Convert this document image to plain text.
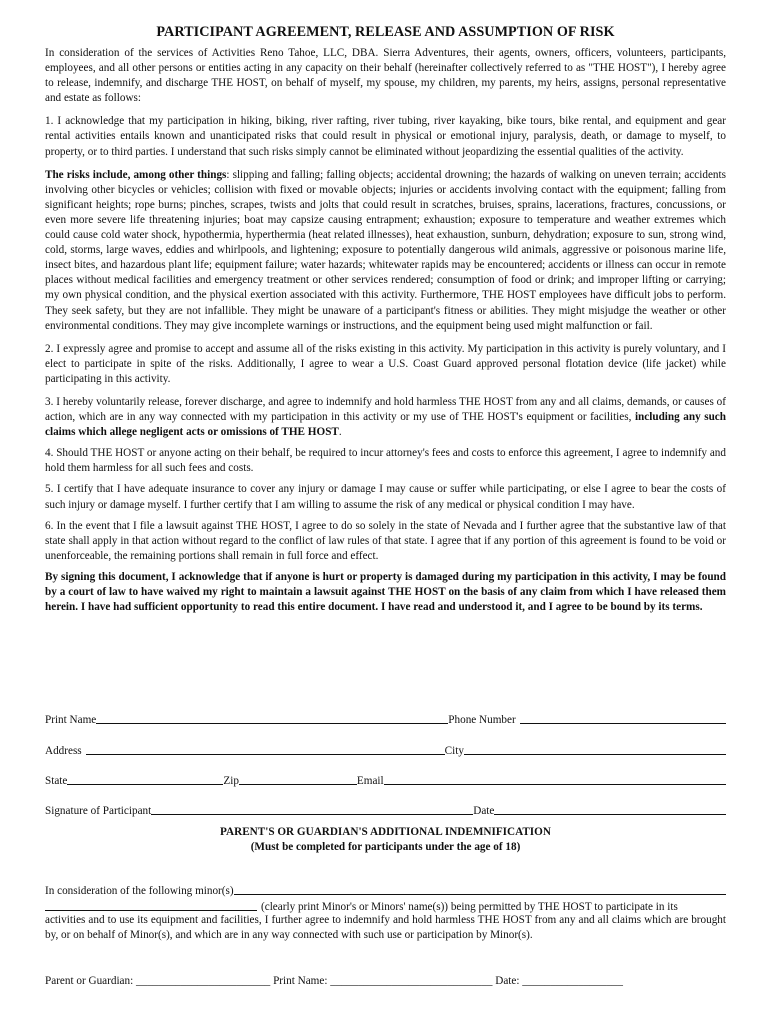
PARTICIPANT AGREEMENT, RELEASE AND ASSUMPTION OF RISK

In consideration of the services of Activities Reno Tahoe, LLC, DBA. Sierra Adventures, their agents, owners, officers, volunteers, participants, employees, and all other persons or entities acting in any capacity on their behalf (hereinafter collectively referred to as "THE HOST"), I hereby agree to release, indemnify, and discharge THE HOST, on behalf of myself, my spouse, my children, my parents, my heirs, assigns, personal representative and estate as follows:

1. I acknowledge that my participation in hiking, biking, river rafting, river tubing, river kayaking, bike tours, bike rental, and equipment and gear rental activities entails known and unanticipated risks that could result in physical or emotional injury, paralysis, death, or damage to myself, to property, or to third parties. I understand that such risks simply cannot be eliminated without jeopardizing the essential qualities of the activity.

The risks include, among other things: slipping and falling; falling objects; accidental drowning; the hazards of walking on uneven terrain; accidents involving other bicycles or vehicles; collision with fixed or movable objects; injuries or accidents involving contact with the equipment; falling from significant heights; rope burns; pinches, scrapes, twists and jolts that could result in scratches, bruises, sprains, lacerations, fractures, concussions, or even more severe life threatening injuries; boat may capsize causing entrapment; exhaustion; exposure to temperature and weather extremes which could cause cold water shock, hypothermia, hyperthermia (heat related illnesses), heat exhaustion, sunburn, dehydration; exposure to sun, strong wind, cold, storms, large waves, eddies and whirlpools, and lightening; exposure to potentially dangerous wild animals, aggressive or poisonous marine life, insect bites, and hazardous plant life; equipment failure; water hazards; whitewater rapids may be encountered; accidents or illness can occur in remote places without medical facilities and emergency treatment or other services rendered; consumption of food or drink; and improper lifting or carrying; my own physical condition, and the physical exertion associated with this activity. Furthermore, THE HOST employees have difficult jobs to perform. They seek safety, but they are not infallible. They might be unaware of a participant's fitness or abilities. They might misjudge the weather or other environmental conditions. They may give incomplete warnings or instructions, and the equipment being used might malfunction or fail.

2. I expressly agree and promise to accept and assume all of the risks existing in this activity. My participation in this activity is purely voluntary, and I elect to participate in spite of the risks. Additionally, I agree to wear a U.S. Coast Guard approved personal flotation device (life jacket) while participating in this activity.

3. I hereby voluntarily release, forever discharge, and agree to indemnify and hold harmless THE HOST from any and all claims, demands, or causes of action, which are in any way connected with my participation in this activity or my use of THE HOST's equipment or facilities, including any such claims which allege negligent acts or omissions of THE HOST.

4. Should THE HOST or anyone acting on their behalf, be required to incur attorney's fees and costs to enforce this agreement, I agree to indemnify and hold them harmless for all such fees and costs.

5. I certify that I have adequate insurance to cover any injury or damage I may cause or suffer while participating, or else I agree to bear the costs of such injury or damage myself. I further certify that I am willing to assume the risk of any medical or physical condition I may have.

6. In the event that I file a lawsuit against THE HOST, I agree to do so solely in the state of Nevada and I further agree that the substantive law of that state shall apply in that action without regard to the conflict of law rules of that state. I agree that if any portion of this agreement is found to be void or unenforceable, the remaining portions shall remain in full force and effect.

By signing this document, I acknowledge that if anyone is hurt or property is damaged during my participation in this activity, I may be found by a court of law to have waived my right to maintain a lawsuit against THE HOST on the basis of any claim from which I have released them herein. I have had sufficient opportunity to read this entire document. I have read and understood it, and I agree to be bound by its terms.

Print Name	Phone Number
Address	City
State	Zip	Email
Signature of Participant	Date

PARENT'S OR GUARDIAN'S ADDITIONAL INDEMNIFICATION

(Must be completed for participants under the age of 18)

In consideration of the following minor(s)
(clearly print Minor's or Minors' name(s)) being permitted by THE HOST to participate in its

activities and to use its equipment and facilities, I further agree to indemnify and hold harmless THE HOST from any and all claims which are brought by, or on behalf of Minor(s), and which are in any way connected with such use or participation by Minor(s).

Parent or Guardian: ________________________ Print Name: _____________________________ Date: __________________
